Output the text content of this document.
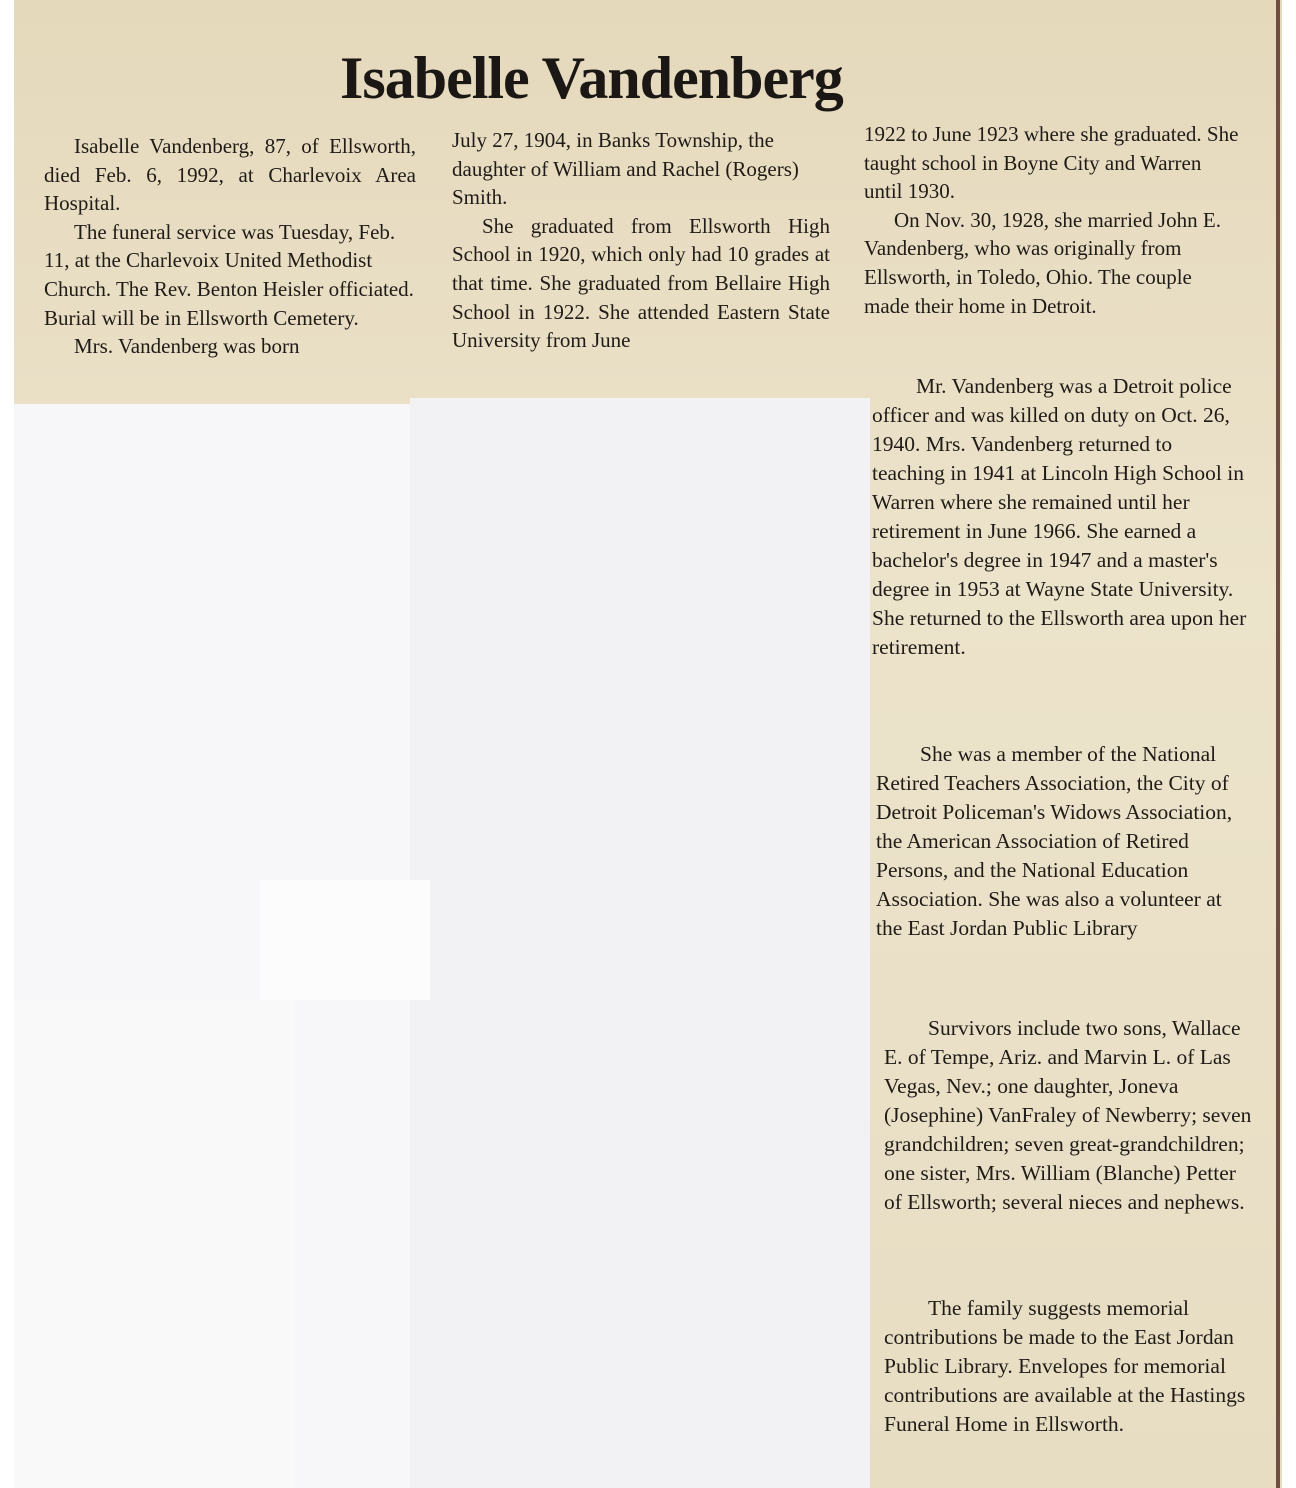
Isabelle Vandenberg

Isabelle Vandenberg, 87, of Ellsworth, died Feb. 6, 1992, at Charlevoix Area Hospital.

The funeral service was Tuesday, Feb. 11, at the Charlevoix United Methodist Church. The Rev. Benton Heisler officiated. Burial will be in Ellsworth Cemetery.

Mrs. Vandenberg was born

July 27, 1904, in Banks Township, the daughter of William and Rachel (Rogers) Smith.

She graduated from Ellsworth High School in 1920, which only had 10 grades at that time. She graduated from Bellaire High School in 1922. She attended Eastern State University from June

1922 to June 1923 where she graduated. She taught school in Boyne City and Warren until 1930.

On Nov. 30, 1928, she married John E. Vandenberg, who was originally from Ellsworth, in Toledo, Ohio. The couple made their home in Detroit.

Mr. Vandenberg was a Detroit police officer and was killed on duty on Oct. 26, 1940. Mrs. Vandenberg returned to teaching in 1941 at Lincoln High School in Warren where she remained until her retirement in June 1966. She earned a bachelor's degree in 1947 and a master's degree in 1953 at Wayne State University. She returned to the Ellsworth area upon her retirement.

She was a member of the National Retired Teachers Association, the City of Detroit Policeman's Widows Association, the American Association of Retired Persons, and the National Education Association. She was also a volunteer at the East Jordan Public Library

Survivors include two sons, Wallace E. of Tempe, Ariz. and Marvin L. of Las Vegas, Nev.; one daughter, Joneva (Josephine) VanFraley of Newberry; seven grandchildren; seven great-grandchildren; one sister, Mrs. William (Blanche) Petter of Ellsworth; several nieces and nephews.

The family suggests memorial contributions be made to the East Jordan Public Library. Envelopes for memorial contributions are available at the Hastings Funeral Home in Ellsworth.
